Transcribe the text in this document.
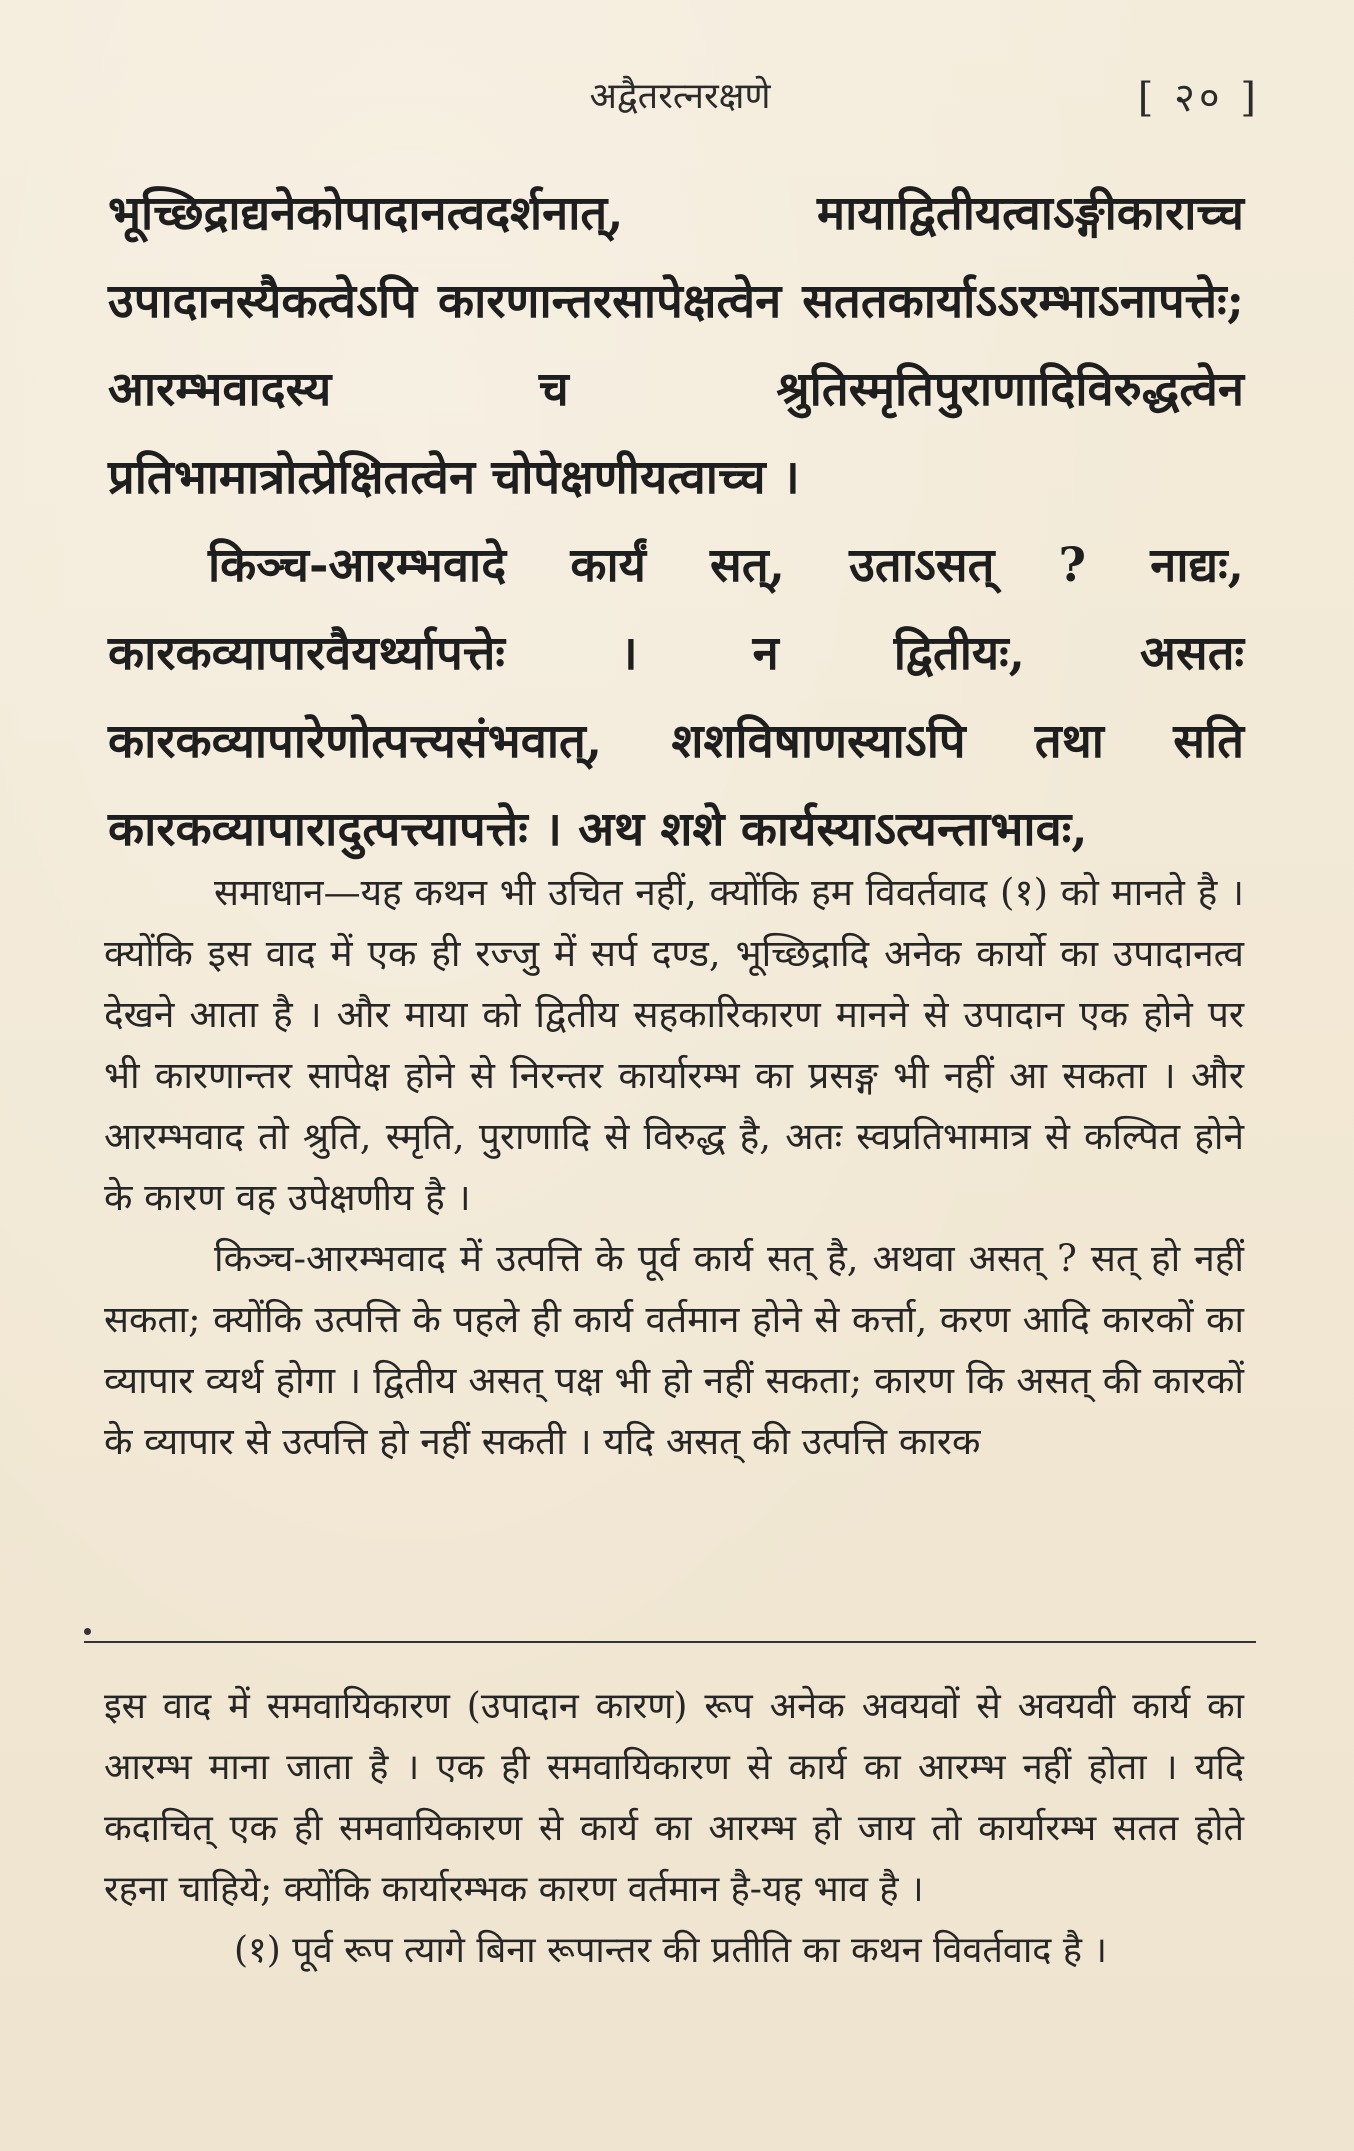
अद्वैतरत्नरक्षणे	[ २० ]

भूच्छिद्राद्यनेकोपादानत्वदर्शनात्, मायाद्वितीयत्वाऽङ्गीकाराच्च उपादानस्यैकत्वेऽपि कारणान्तरसापेक्षत्वेन सततकार्याऽऽरम्भाऽनापत्तेः; आरम्भवादस्य च श्रुतिस्मृतिपुराणादिविरुद्धत्वेन प्रतिभामात्रोत्प्रेक्षितत्वेन चोपेक्षणीयत्वाच्च ।

किञ्च-आरम्भवादे कार्यं सत्, उताऽसत् ? नाद्यः, कारकव्यापारवैयर्थ्यापत्तेः । न द्वितीयः, असतः कारकव्यापारेणोत्पत्त्यसंभवात्, शशविषाणस्याऽपि तथा सति कारकव्यापारादुत्पत्त्यापत्तेः । अथ शशे कार्यस्याऽत्यन्ताभावः,

समाधान—यह कथन भी उचित नहीं, क्योंकि हम विवर्तवाद (१) को मानते है । क्योंकि इस वाद में एक ही रज्जु में सर्प दण्ड, भूच्छिद्रादि अनेक कार्यो का उपादानत्व देखने आता है । और माया को द्वितीय सहकारिकारण मानने से उपादान एक होने पर भी कारणान्तर सापेक्ष होने से निरन्तर कार्यारम्भ का प्रसङ्ग भी नहीं आ सकता । और आरम्भवाद तो श्रुति, स्मृति, पुराणादि से विरुद्ध है, अतः स्वप्रतिभामात्र से कल्पित होने के कारण वह उपेक्षणीय है ।

किञ्च-आरम्भवाद में उत्पत्ति के पूर्व कार्य सत् है, अथवा असत् ? सत् हो नहीं सकता; क्योंकि उत्पत्ति के पहले ही कार्य वर्तमान होने से कर्त्ता, करण आदि कारकों का व्यापार व्यर्थ होगा । द्वितीय असत् पक्ष भी हो नहीं सकता; कारण कि असत् की कारकों के व्यापार से उत्पत्ति हो नहीं सकती । यदि असत् की उत्पत्ति कारक

इस वाद में समवायिकारण (उपादान कारण) रूप अनेक अवयवों से अवयवी कार्य का आरम्भ माना जाता है । एक ही समवायिकारण से कार्य का आरम्भ नहीं होता । यदि कदाचित् एक ही समवायिकारण से कार्य का आरम्भ हो जाय तो कार्यारम्भ सतत होते रहना चाहिये; क्योंकि कार्यारम्भक कारण वर्तमान है-यह भाव है ।

(१) पूर्व रूप त्यागे बिना रूपान्तर की प्रतीति का कथन विवर्तवाद है ।
